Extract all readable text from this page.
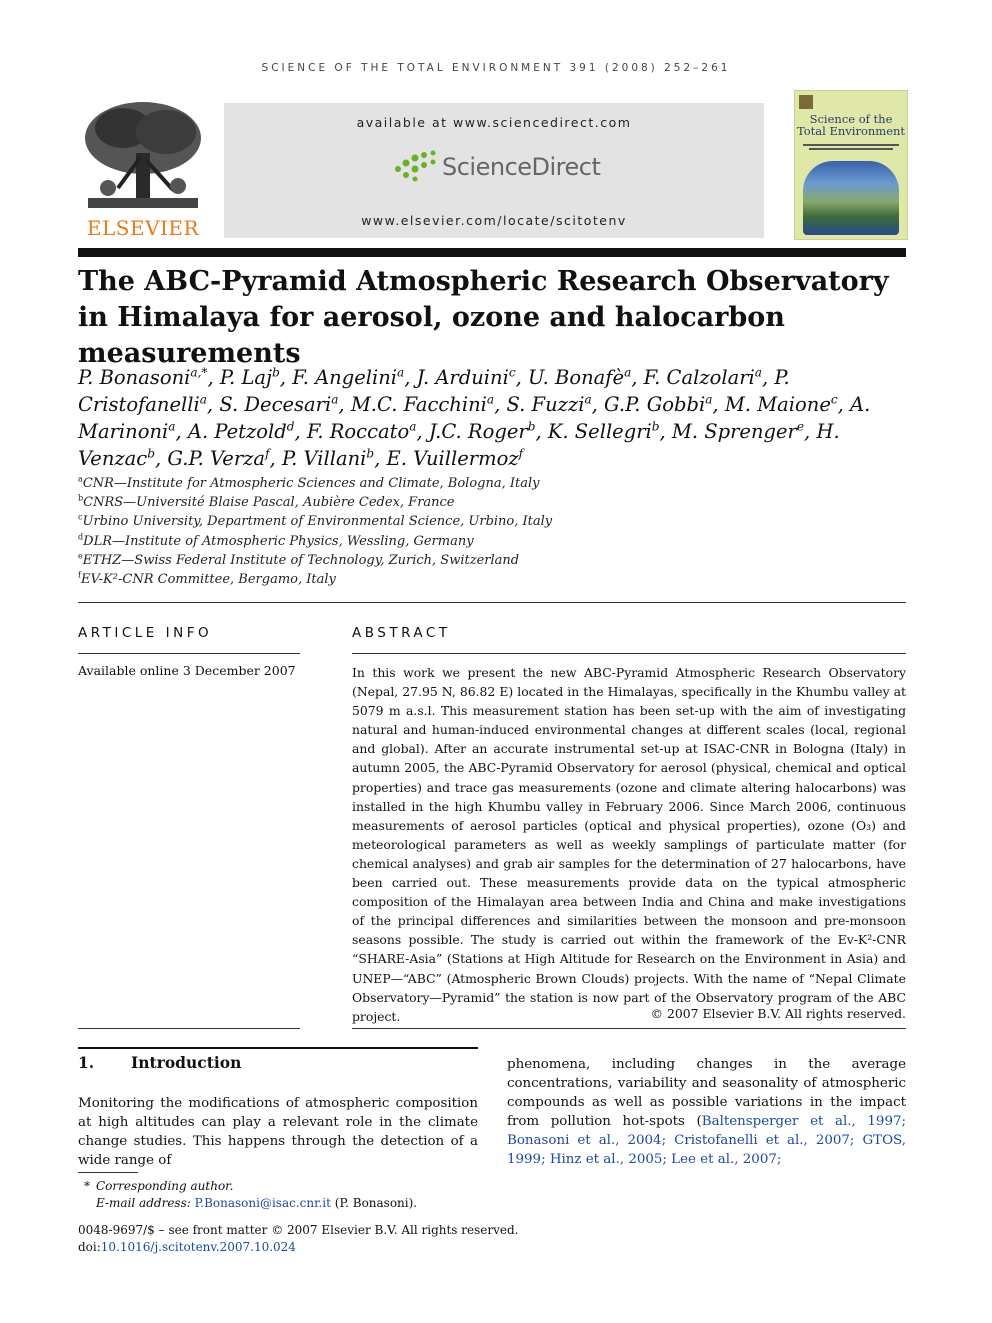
SCIENCE OF THE TOTAL ENVIRONMENT 391 (2008) 252–261
ELSEVIER
available at www.sciencedirect.com
ScienceDirect
www.elsevier.com/locate/scitotenv
Science of the Total Environment
The ABC-Pyramid Atmospheric Research Observatory in Himalaya for aerosol, ozone and halocarbon measurements
P. Bonasoni$^{a,*}$, P. Laj$^b$, F. Angelini$^a$, J. Arduini$^c$, U. Bonafè$^a$, F. Calzolari$^a$, P. Cristofanelli$^a$, S. Decesari$^a$, M.C. Facchini$^a$, S. Fuzzi$^a$, G.P. Gobbi$^a$, M. Maione$^c$, A. Marinoni$^a$, A. Petzold$^d$, F. Roccato$^a$, J.C. Roger$^b$, K. Sellegri$^b$, M. Sprenger$^e$, H. Venzac$^b$, G.P. Verza$^f$, P. Villani$^b$, E. Vuillermoz$^f$
$^a$CNR—Institute for Atmospheric Sciences and Climate, Bologna, Italy
$^b$CNRS—Université Blaise Pascal, Aubière Cedex, France
$^c$Urbino University, Department of Environmental Science, Urbino, Italy
$^d$DLR—Institute of Atmospheric Physics, Wessling, Germany
$^e$ETHZ—Swiss Federal Institute of Technology, Zurich, Switzerland
$^f$EV-K²-CNR Committee, Bergamo, Italy
ARTICLE INFO
Available online 3 December 2007
ABSTRACT
In this work we present the new ABC-Pyramid Atmospheric Research Observatory (Nepal, 27.95 N, 86.82 E) located in the Himalayas, specifically in the Khumbu valley at 5079 m a.s.l. This measurement station has been set-up with the aim of investigating natural and human-induced environmental changes at different scales (local, regional and global). After an accurate instrumental set-up at ISAC-CNR in Bologna (Italy) in autumn 2005, the ABC-Pyramid Observatory for aerosol (physical, chemical and optical properties) and trace gas measurements (ozone and climate altering halocarbons) was installed in the high Khumbu valley in February 2006. Since March 2006, continuous measurements of aerosol particles (optical and physical properties), ozone (O₃) and meteorological parameters as well as weekly samplings of particulate matter (for chemical analyses) and grab air samples for the determination of 27 halocarbons, have been carried out. These measurements provide data on the typical atmospheric composition of the Himalayan area between India and China and make investigations of the principal differences and similarities between the monsoon and pre-monsoon seasons possible. The study is carried out within the framework of the Ev-K²-CNR “SHARE-Asia” (Stations at High Altitude for Research on the Environment in Asia) and UNEP—“ABC” (Atmospheric Brown Clouds) projects. With the name of “Nepal Climate Observatory—Pyramid” the station is now part of the Observatory program of the ABC project.	© 2007 Elsevier B.V. All rights reserved.
1. Introduction
Monitoring the modifications of atmospheric composition at high altitudes can play a relevant role in the climate change studies. This happens through the detection of a wide range of
phenomena, including changes in the average concentrations, variability and seasonality of atmospheric compounds as well as possible variations in the impact from pollution hot-spots (Baltensperger et al., 1997; Bonasoni et al., 2004; Cristofanelli et al., 2007; GTOS, 1999; Hinz et al., 2005; Lee et al., 2007;
* Corresponding author.
E-mail address: P.Bonasoni@isac.cnr.it (P. Bonasoni).
0048-9697/$ – see front matter © 2007 Elsevier B.V. All rights reserved.
doi:10.1016/j.scitotenv.2007.10.024
